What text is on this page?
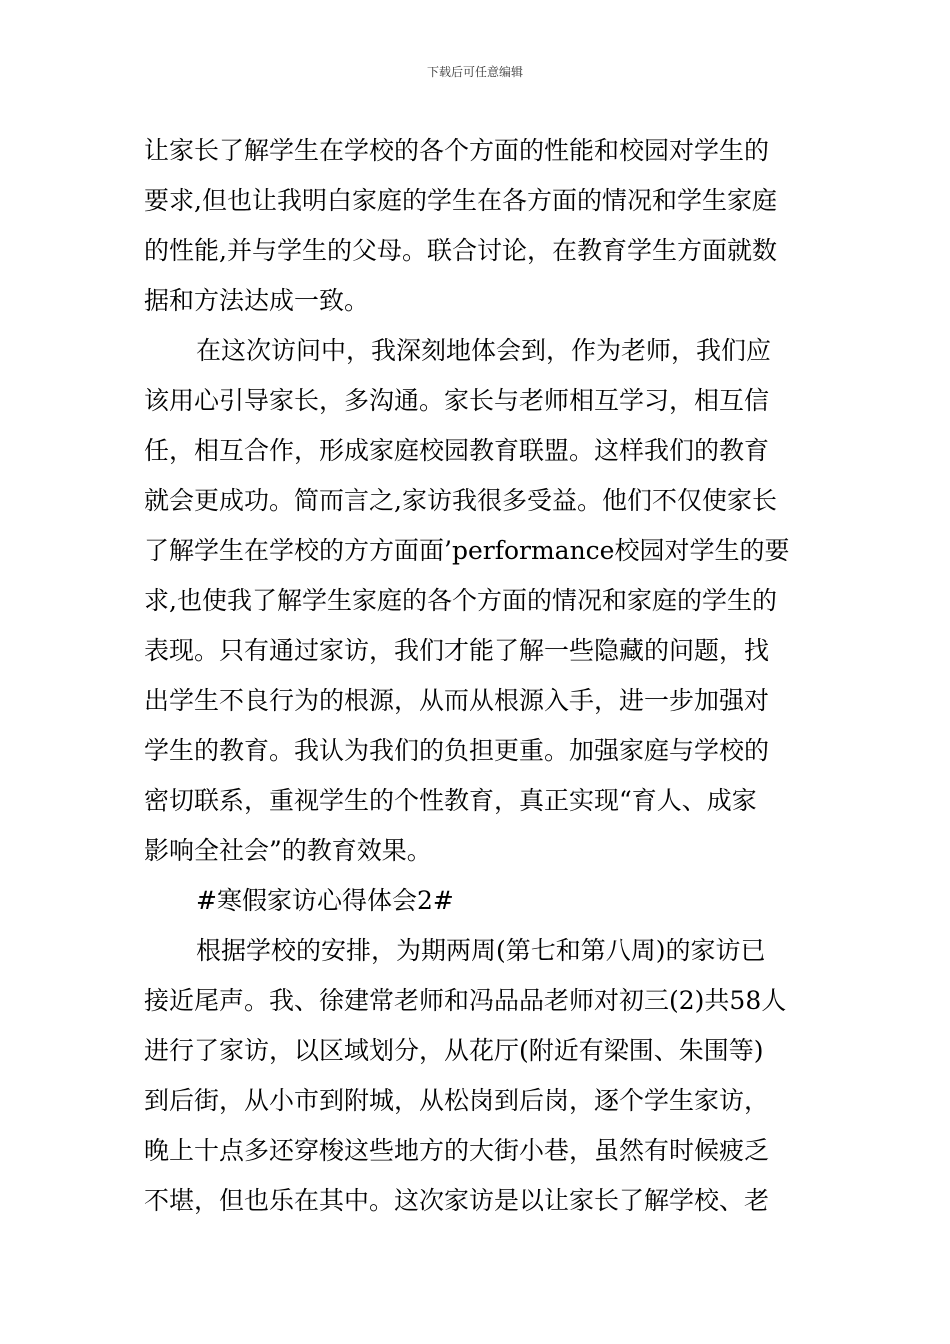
下载后可任意编辑
让家长了解学生在学校的各个方面的性能和校园对学生的
要求,但也让我明白家庭的学生在各方面的情况和学生家庭
的性能,并与学生的父母。联合讨论，在教育学生方面就数
据和方法达成一致。
在这次访问中，我深刻地体会到，作为老师，我们应
该用心引导家长，多沟通。家长与老师相互学习，相互信
任，相互合作，形成家庭校园教育联盟。这样我们的教育
就会更成功。简而言之,家访我很多受益。他们不仅使家长
了解学生在学校的方方面面’performance校园对学生的要
求,也使我了解学生家庭的各个方面的情况和家庭的学生的
表现。只有通过家访，我们才能了解一些隐藏的问题，找
出学生不良行为的根源，从而从根源入手，进一步加强对
学生的教育。我认为我们的负担更重。加强家庭与学校的
密切联系，重视学生的个性教育，真正实现“育人、成家
影响全社会”的教育效果。
#寒假家访心得体会2#
根据学校的安排，为期两周(第七和第八周)的家访已
接近尾声。我、徐建常老师和冯品品老师对初三(2)共58人
进行了家访，以区域划分，从花厅(附近有梁围、朱围等)
到后街，从小市到附城，从松岗到后岗，逐个学生家访，
晚上十点多还穿梭这些地方的大街小巷，虽然有时候疲乏
不堪，但也乐在其中。这次家访是以让家长了解学校、老
